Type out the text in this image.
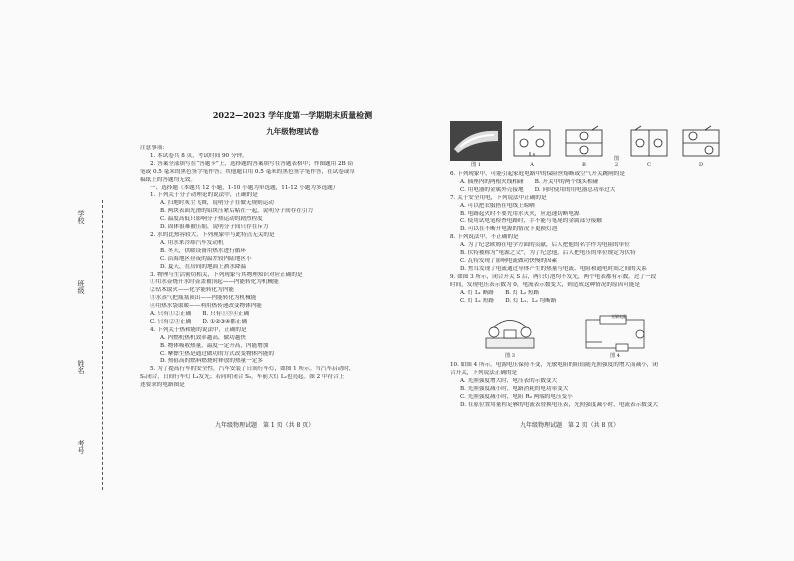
学校
班级
姓名
考号
2022—2023 学年度第一学期期末质量检测
九年级物理试卷
注意事项:
1. 本试卷共 8 页，考试时间 90 分钟。
2. 答案全部填写在“答题卡”上，选择题的答案填写在答题表格中；作图题用 2B 铅
笔或 0.5 毫米的黑色签字笔作答；其他题目用 0.5 毫米的黑色签字笔作答，在试卷或草
稿纸上的答题均无效。
一、选择题（本题共 12 小题，1-10 小题为单选题，11-12 小题为多选题）
1. 下列关于分子动理论的说法中，正确的是
A. 扫地时灰尘飞舞，说明分子在做无规则运动
B. 两块表面光滑的铅块压紧后粘在一起，说明分子间存在引力
C. 温度高低只影响分子热运动的剧烈程度
D. 固体很难被压缩，说明分子间只存在斥力
2. 水的比热容较大，下列现象中与此特点无关的是
A. 用水来冷却汽车发动机
B. 冬天，供暖设备用热水进行循环
C. 沿海地区昼夜的温差较内陆地区小
D. 夏天，在房间的地面上洒水降温
3. 物理与生活密切相关，下列现象与其物理知识对应正确的是
①用水壶烧开水时壶盖被顶起——内能转化为机械能
②钻木取火——化学能转化为内能
③水蒸气把瓶塞顶出——内能转化为机械能
④用热水袋取暖——利用热传递改变物体内能
A. 只有①②正确　　B. 只有①③④正确
C. 只有②③正确　　D. ①②③④都正确
4. 下列关于热和能的说法中，正确的是
A. 内燃机热机效率越高，做功越快
B. 物体吸收热量，温度一定升高，内能增加
C. 摩擦生热是通过做功的方式改变物体内能的
D. 热值高的燃料燃烧时释放的热量一定多
5. 为了提高行车的安全性，汽车安装了日间行车灯，如图 1 所示。当汽车启动时，
S₁闭合，日间行车灯 L₁发光；若同时闭合 S₂，车前大灯 L₂也亮起。图 2 中符合上
述要求的电路图是
九年级物理试题　第 1 页（共 8 页）
图 1	A	B
图 2	C	D
6. 下列现象中，可能引起家庭电路中的保险丝熔断或空气开关跳闸的是
A. 插座内的两根火线相碰　　B. 开关中的两个线头相碰
C. 用电器的金属外壳接地　　D. 同时使用的用电器总功率过大
7. 关于安全用电，下列说法中正确的是
A. 可以把衣服搭在电线上晾晒
B. 电路起火时不要先用水灭火，应迅速切断电源
C. 使用试电笔检查电路时，手不能与笔尾的金属部分接触
D. 可以在不断开电源的情况下更换灯泡
8. 下列说法中，不正确的是
A. 为了纪念欧姆在电学方面的贡献，后人把他的名字作为电阻的单位
B. 伏特被称为“电源之父”，为了纪念他，后人把电压的单位规定为伏特
C. 瓦特发现了影响电流做功快慢的因素
D. 焦耳发现了电流通过导体产生的热量与电流、电阻和通电时间之间的关系
9. 如图 3 所示，闭合开关 S 后，两只灯泡均不发光，两个电表都有示数。过了一段
时间，发现电压表示数为 0，电流表示数变大，则造成这种情况的原因可能是
A. 灯 L₁ 断路　　B. 灯 L₂ 短路
C. 灯 L₁ 短路　　D. 灯 L₁、L₂ 均断路
图 3
光敏电阻
图 4
10. 如图 4 所示，电源电压保持不变，光敏电阻的阻值随光照强度的增大而减小，闭
合开关，下列说法正确的是
A. 光照强度增大时，电压表的示数变大
B. 光照强度减小时，电路消耗的电功率变大
C. 光照强度减小时，电阻 R₀ 两端的电压变小
D. 在原位置用量程足够的电流表替换电压表，光照强度减小时，电流表示数变大
九年级物理试题　第 2 页（共 8 页）
